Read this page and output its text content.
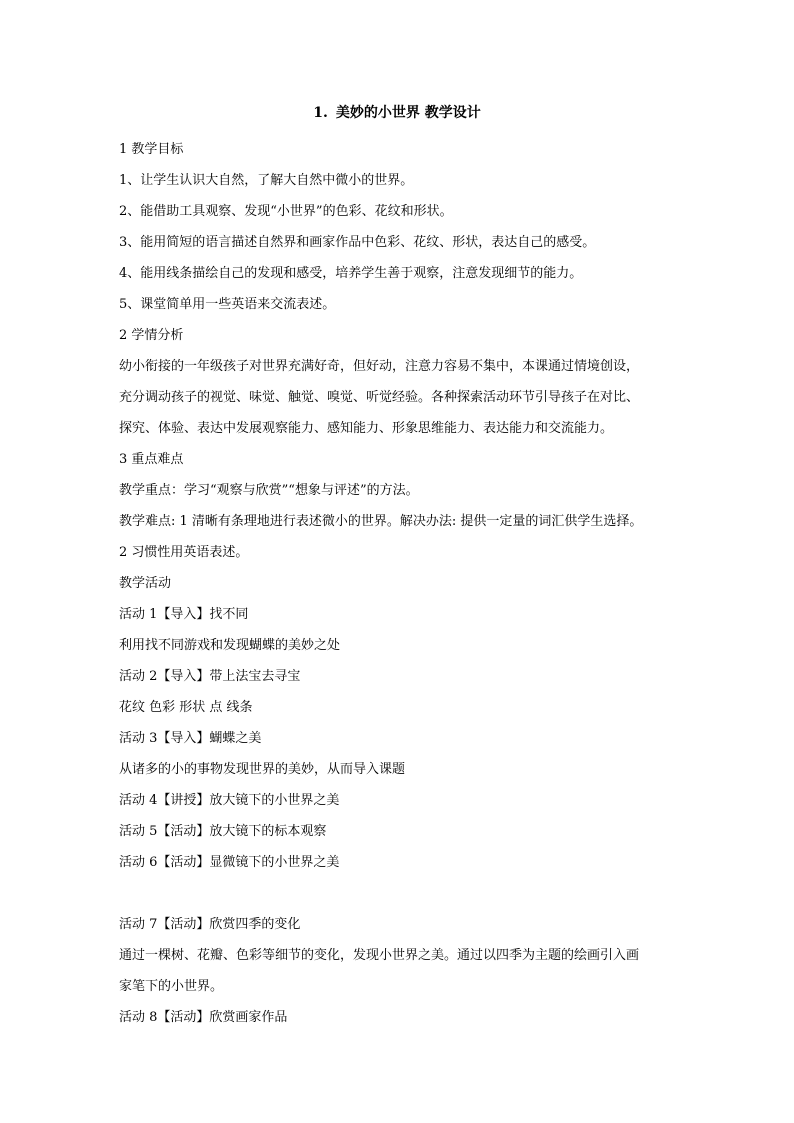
1. 美妙的小世界 教学设计

1 教学目标

1、让学生认识大自然，了解大自然中微小的世界。

2、能借助工具观察、发现“小世界”的色彩、花纹和形状。

3、能用简短的语言描述自然界和画家作品中色彩、花纹、形状，表达自己的感受。

4、能用线条描绘自己的发现和感受，培养学生善于观察，注意发现细节的能力。

5、课堂简单用一些英语来交流表述。

2 学情分析

幼小衔接的一年级孩子对世界充满好奇，但好动，注意力容易不集中，本课通过情境创设，

充分调动孩子的视觉、味觉、触觉、嗅觉、听觉经验。各种探索活动环节引导孩子在对比、

探究、体验、表达中发展观察能力、感知能力、形象思维能力、表达能力和交流能力。

3 重点难点

教学重点：学习“观察与欣赏”“想象与评述”的方法。

教学难点: 1 清晰有条理地进行表述微小的世界。解决办法: 提供一定量的词汇供学生选择。

2 习惯性用英语表述。

教学活动

活动 1【导入】找不同

利用找不同游戏和发现蝴蝶的美妙之处

活动 2【导入】带上法宝去寻宝

花纹 色彩 形状 点 线条

活动 3【导入】蝴蝶之美

从诸多的小的事物发现世界的美妙，从而导入课题

活动 4【讲授】放大镜下的小世界之美

活动 5【活动】放大镜下的标本观察

活动 6【活动】显微镜下的小世界之美

活动 7【活动】欣赏四季的变化

通过一棵树、花瓣、色彩等细节的变化，发现小世界之美。通过以四季为主题的绘画引入画

家笔下的小世界。

活动 8【活动】欣赏画家作品
